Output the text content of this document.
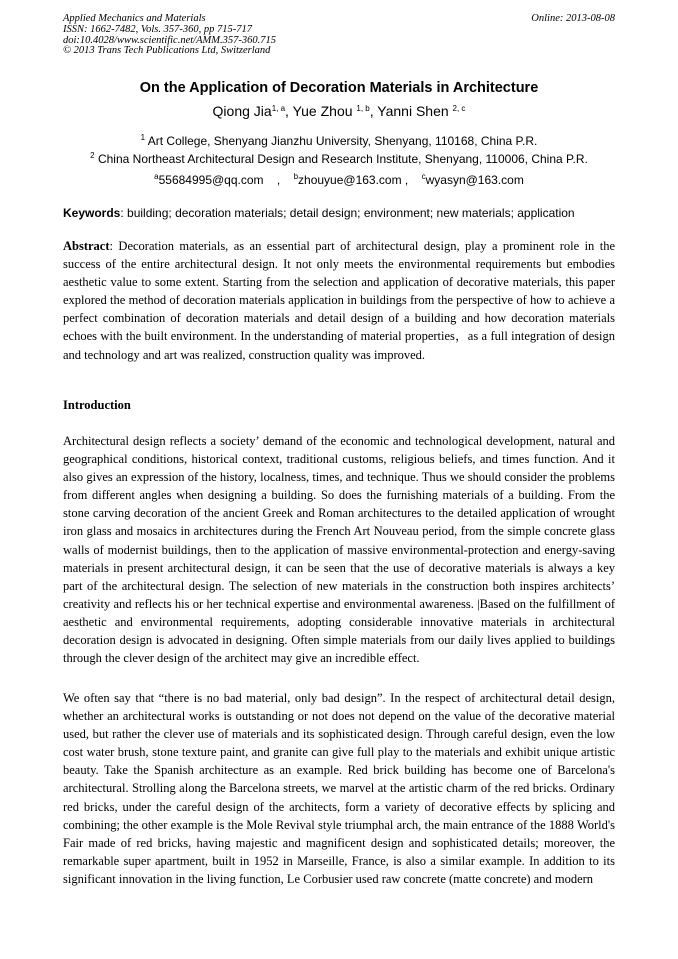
Applied Mechanics and Materials
ISSN: 1662-7482, Vols. 357-360, pp 715-717
doi:10.4028/www.scientific.net/AMM.357-360.715
© 2013 Trans Tech Publications Ltd, Switzerland
Online: 2013-08-08
On the Application of Decoration Materials in Architecture
Qiong Jia$^{1, a}$, Yue Zhou $^{1, b}$, Yanni Shen $^{2, c}$
$^1$ Art College, Shenyang Jianzhu University, Shenyang, 110168, China P.R.
$^2$ China Northeast Architectural Design and Research Institute, Shenyang, 110006, China P.R.
$^a$55684995@qq.com    ,    $^b$zhouyue@163.com ,    $^c$wyasyn@163.com
Keywords: building; decoration materials; detail design; environment; new materials; application

Abstract: Decoration materials, as an essential part of architectural design, play a prominent role in the success of the entire architectural design. It not only meets the environmental requirements but embodies aesthetic value to some extent. Starting from the selection and application of decorative materials, this paper explored the method of decoration materials application in buildings from the perspective of how to achieve a perfect combination of decoration materials and detail design of a building and how decoration materials echoes with the built environment. In the understanding of material properties，as a full integration of design and technology and art was realized, construction quality was improved.

Introduction

Architectural design reflects a society’ demand of the economic and technological development, natural and geographical conditions, historical context, traditional customs, religious beliefs, and times function. And it also gives an expression of the history, localness, times, and technique. Thus we should consider the problems from different angles when designing a building. So does the furnishing materials of a building. From the stone carving decoration of the ancient Greek and Roman architectures to the detailed application of wrought iron glass and mosaics in architectures during the French Art Nouveau period, from the simple concrete glass walls of modernist buildings, then to the application of massive environmental-protection and energy-saving materials in present architectural design, it can be seen that the use of decorative materials is always a key part of the architectural design. The selection of new materials in the construction both inspires architects’ creativity and reflects his or her technical expertise and environmental awareness. |Based on the fulfillment of aesthetic and environmental requirements, adopting considerable innovative materials in architectural decoration design is advocated in designing. Often simple materials from our daily lives applied to buildings through the clever design of the architect may give an incredible effect.

We often say that “there is no bad material, only bad design”. In the respect of architectural detail design, whether an architectural works is outstanding or not does not depend on the value of the decorative material used, but rather the clever use of materials and its sophisticated design. Through careful design, even the low cost water brush, stone texture paint, and granite can give full play to the materials and exhibit unique artistic beauty. Take the Spanish architecture as an example. Red brick building has become one of Barcelona's architectural. Strolling along the Barcelona streets, we marvel at the artistic charm of the red bricks. Ordinary red bricks, under the careful design of the architects, form a variety of decorative effects by splicing and combining; the other example is the Mole Revival style triumphal arch, the main entrance of the 1888 World's Fair made of red bricks, having majestic and magnificent design and sophisticated details; moreover, the remarkable super apartment, built in 1952 in Marseille, France, is also a similar example. In addition to its significant innovation in the living function, Le Corbusier used raw concrete (matte concrete) and modern
